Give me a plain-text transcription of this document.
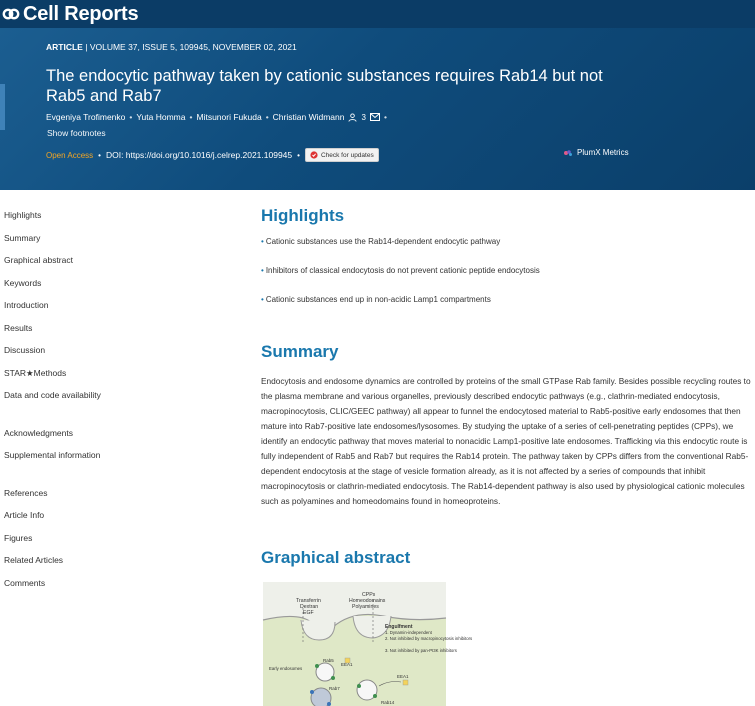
Cell Reports
ARTICLE | VOLUME 37, ISSUE 5, 109945, NOVEMBER 02, 2021
The endocytic pathway taken by cationic substances requires Rab14 but not Rab5 and Rab7
Evgeniya Trofimenko • Yuta Homma • Mitsunori Fukuda • Christian Widmann 3 •
Show footnotes
Open Access • DOI: https://doi.org/10.1016/j.celrep.2021.109945 •	Check for updates	PlumX Metrics
Highlights
Summary
Graphical abstract
Keywords
Introduction
Results
Discussion
STAR★Methods
Data and code availability
Acknowledgments
Supplemental information
References
Article Info
Figures
Related Articles
Comments
Highlights
• Cationic substances use the Rab14-dependent endocytic pathway
• Inhibitors of classical endocytosis do not prevent cationic peptide endocytosis
• Cationic substances end up in non-acidic Lamp1 compartments
Summary

Endocytosis and endosome dynamics are controlled by proteins of the small GTPase Rab family. Besides possible recycling routes to the plasma membrane and various organelles, previously described endocytic pathways (e.g., clathrin-mediated endocytosis, macropinocytosis, CLIC/GEEC pathway) all appear to funnel the endocytosed material to Rab5-positive early endosomes that then mature into Rab7-positive late endosomes/lysosomes. By studying the uptake of a series of cell-penetrating peptides (CPPs), we identify an endocytic pathway that moves material to nonacidic Lamp1-positive late endosomes. Trafficking via this endocytic route is fully independent of Rab5 and Rab7 but requires the Rab14 protein. The pathway taken by CPPs differs from the conventional Rab5-dependent endocytosis at the stage of vesicle formation already, as it is not affected by a series of compounds that inhibit macropinocytosis or clathrin-mediated endocytosis. The Rab14-dependent pathway is also used by physiological cationic molecules such as polyamines and homeodomains found in homeoproteins.

Graphical abstract
Transferrin
Dextran
EGF
CPPs
Homeodomains
Polyamines
Engulfment
1. Dynamin-independent
2. Not inhibited by macropinocytosis inhibitors
3. Not inhibited by pan-PI3K inhibitors
Rab5
EEA1
Early endosomes
Rab7
EEA1
Rab14
